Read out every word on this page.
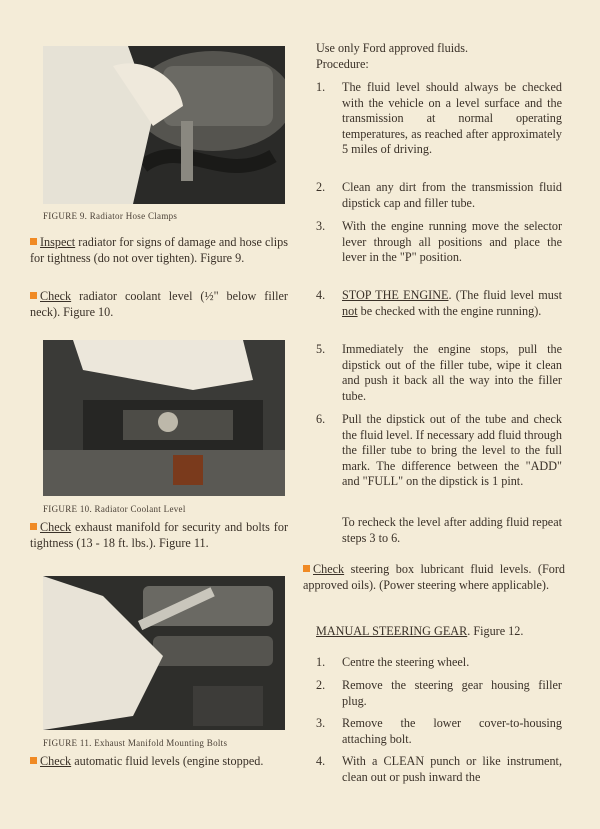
FIGURE 9. Radiator Hose Clamps
Inspect radiator for signs of damage and hose clips for tightness (do not over tighten). Figure 9.
Check radiator coolant level (½" below filler neck). Figure 10.
FIGURE 10. Radiator Coolant Level
Check exhaust manifold for security and bolts for tightness (13 - 18 ft. lbs.). Figure 11.
FIGURE 11. Exhaust Manifold Mounting Bolts
Check automatic fluid levels (engine stopped.
Use only Ford approved fluids.
Procedure:
1.	The fluid level should always be checked with the vehicle on a level surface and the transmission at normal operating temperatures, as reached after approximately 5 miles of driving.
2.	Clean any dirt from the transmission fluid dipstick cap and filler tube.
3.	With the engine running move the selector lever through all positions and place the lever in the "P" position.
4.	STOP THE ENGINE. (The fluid level must not be checked with the engine running).
5.	Immediately the engine stops, pull the dipstick out of the filler tube, wipe it clean and push it back all the way into the filler tube.
6.	Pull the dipstick out of the tube and check the fluid level. If necessary add fluid through the filler tube to bring the level to the full mark. The difference between the "ADD" and "FULL" on the dipstick is 1 pint.
To recheck the level after adding fluid repeat steps 3 to 6.
Check steering box lubricant fluid levels. (Ford approved oils). (Power steering where applicable).
MANUAL STEERING GEAR. Figure 12.
1.	Centre the steering wheel.
2.	Remove the steering gear housing filler plug.
3.	Remove the lower cover-to-housing attaching bolt.
4.	With a CLEAN punch or like instrument, clean out or push inward the
